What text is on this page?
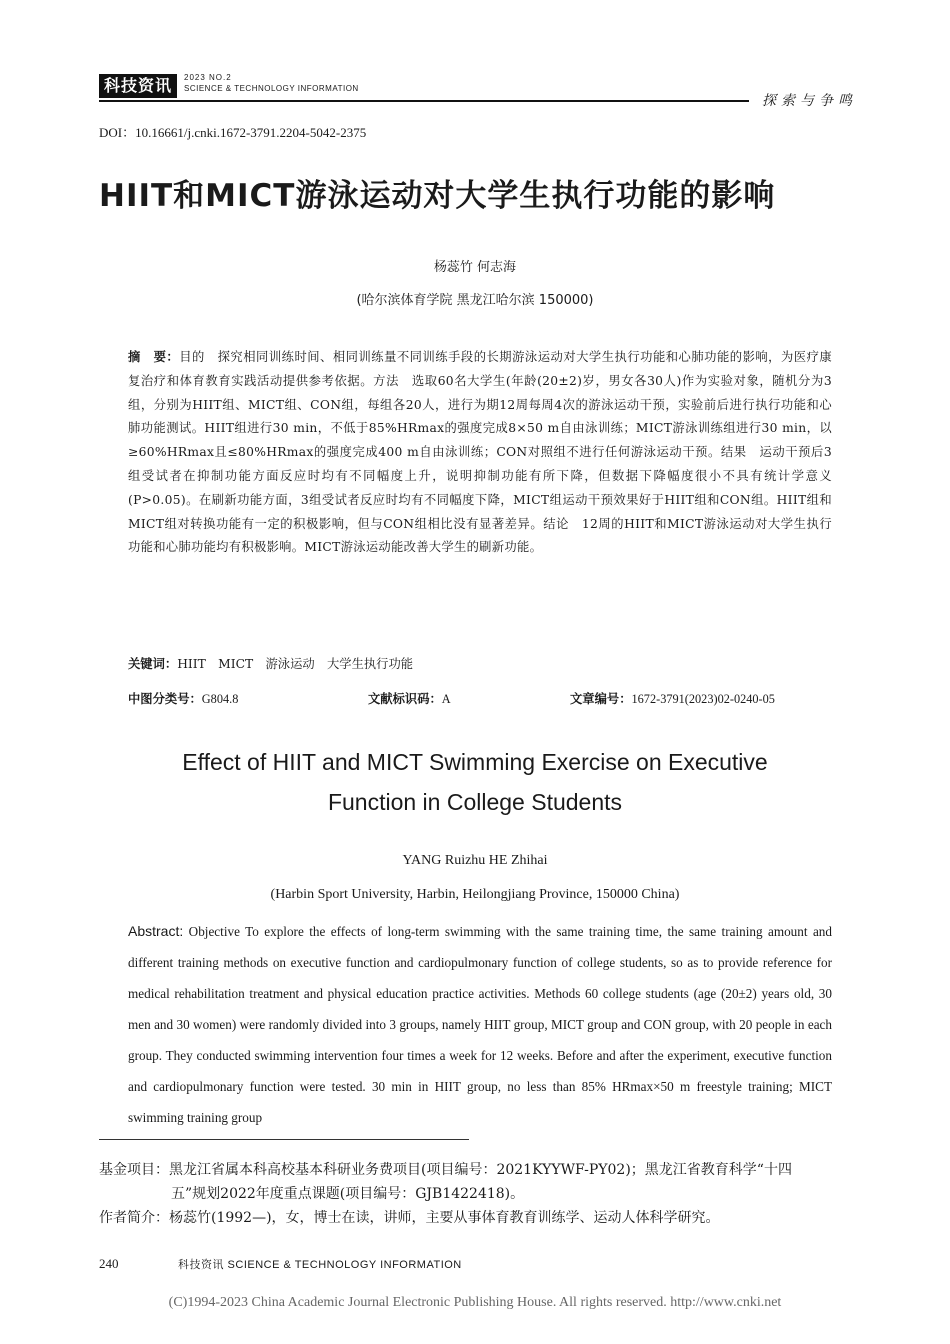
科技资讯	2023 NO.2
SCIENCE & TECHNOLOGY INFORMATION
探索与争鸣
DOI：10.16661/j.cnki.1672-3791.2204-5042-2375
HIIT和MICT游泳运动对大学生执行功能的影响
杨蕊竹 何志海
(哈尔滨体育学院 黑龙江哈尔滨 150000)
摘　要：目的　探究相同训练时间、相同训练量不同训练手段的长期游泳运动对大学生执行功能和心肺功能的影响，为医疗康复治疗和体育教育实践活动提供参考依据。方法　选取60名大学生(年龄(20±2)岁，男女各30人)作为实验对象，随机分为3组，分别为HIIT组、MICT组、CON组，每组各20人，进行为期12周每周4次的游泳运动干预，实验前后进行执行功能和心肺功能测试。HIIT组进行30 min，不低于85%HRmax的强度完成8×50 m自由泳训练；MICT游泳训练组进行30 min，以≥60%HRmax且≤80%HRmax的强度完成400 m自由泳训练；CON对照组不进行任何游泳运动干预。结果　运动干预后3组受试者在抑制功能方面反应时均有不同幅度上升，说明抑制功能有所下降，但数据下降幅度很小不具有统计学意义(P>0.05)。在刷新功能方面，3组受试者反应时均有不同幅度下降，MICT组运动干预效果好于HIIT组和CON组。HIIT组和MICT组对转换功能有一定的积极影响，但与CON组相比没有显著差异。结论　12周的HIIT和MICT游泳运动对大学生执行功能和心肺功能均有积极影响。MICT游泳运动能改善大学生的刷新功能。
关键词：HIIT　MICT　游泳运动　大学生执行功能
中图分类号：G804.8	文献标识码：A	文章编号：1672-3791(2023)02-0240-05
Effect of HIIT and MICT Swimming Exercise on Executive
Function in College Students
YANG Ruizhu HE Zhihai
(Harbin Sport University, Harbin, Heilongjiang Province, 150000 China)
Abstract: Objective To explore the effects of long-term swimming with the same training time, the same training amount and different training methods on executive function and cardiopulmonary function of college students, so as to provide reference for medical rehabilitation treatment and physical education practice activities. Methods 60 college students (age (20±2) years old, 30 men and 30 women) were randomly divided into 3 groups, namely HIIT group, MICT group and CON group, with 20 people in each group. They conducted swimming intervention four times a week for 12 weeks. Before and after the experiment, executive function and cardiopulmonary function were tested. 30 min in HIIT group, no less than 85% HRmax×50 m freestyle training; MICT swimming training group
基金项目：黑龙江省属本科高校基本科研业务费项目(项目编号：2021KYYWF-PY02)；黑龙江省教育科学“十四
五”规划2022年度重点课题(项目编号：GJB1422418)。
作者简介：杨蕊竹(1992—)，女，博士在读，讲师，主要从事体育教育训练学、运动人体科学研究。
240	科技资讯 SCIENCE & TECHNOLOGY INFORMATION
(C)1994-2023 China Academic Journal Electronic Publishing House. All rights reserved. http://www.cnki.net
